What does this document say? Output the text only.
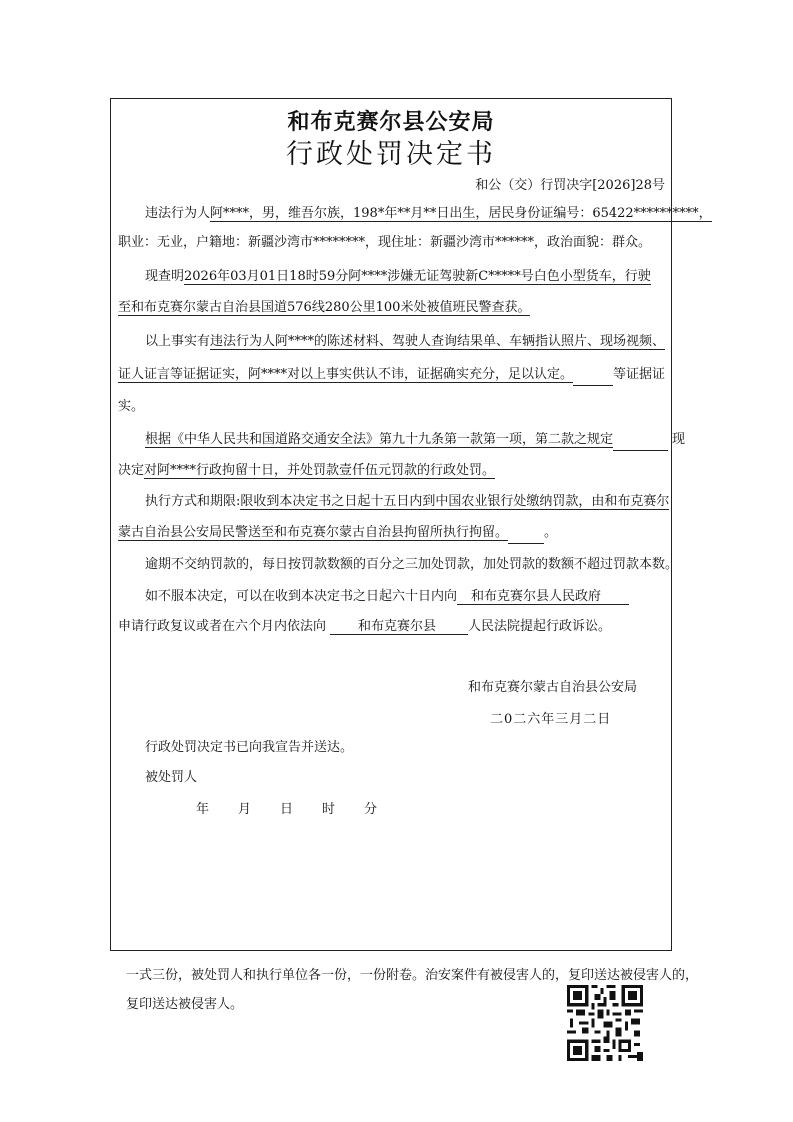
和布克赛尔县公安局
行政处罚决定书
和公（交）行罚决字[2026]28号
违法行为人阿****，男，维吾尔族，198*年**月**日出生，居民身份证编号：65422**********，
职业：无业，户籍地：新疆沙湾市********，现住址：新疆沙湾市******，政治面貌：群众。
现查明2026年03月01日18时59分阿****涉嫌无证驾驶新C*****号白色小型货车，行驶
至和布克赛尔蒙古自治县国道576线280公里100米处被值班民警查获。
以上事实有违法行为人阿****的陈述材料、驾驶人查询结果单、车辆指认照片、现场视频、
证人证言等证据证实，阿****对以上事实供认不讳，证据确实充分，足以认定。	等证据证
实。
根据《中华人民共和国道路交通安全法》第九十九条第一款第一项，第二款之规定	现
决定对阿****行政拘留十日，并处罚款壹仟伍元罚款的行政处罚。
执行方式和期限:限收到本决定书之日起十五日内到中国农业银行处缴纳罚款，由和布克赛尔
蒙古自治县公安局民警送至和布克赛尔蒙古自治县拘留所执行拘留。	。
逾期不交纳罚款的，每日按罚款数额的百分之三加处罚款，加处罚款的数额不超过罚款本数。
如不服本决定，可以在收到本决定书之日起六十日内向 和布克赛尔县人民政府
申请行政复议或者在六个月内依法向 和布克赛尔县 人民法院提起行政诉讼。
和布克赛尔蒙古自治县公安局
二0二六年三月二日
行政处罚决定书已向我宣告并送达。
被处罚人
年　　月　　日　　时　　分
一式三份，被处罚人和执行单位各一份，一份附卷。治安案件有被侵害人的，复印送达被侵害人的，
复印送达被侵害人。
